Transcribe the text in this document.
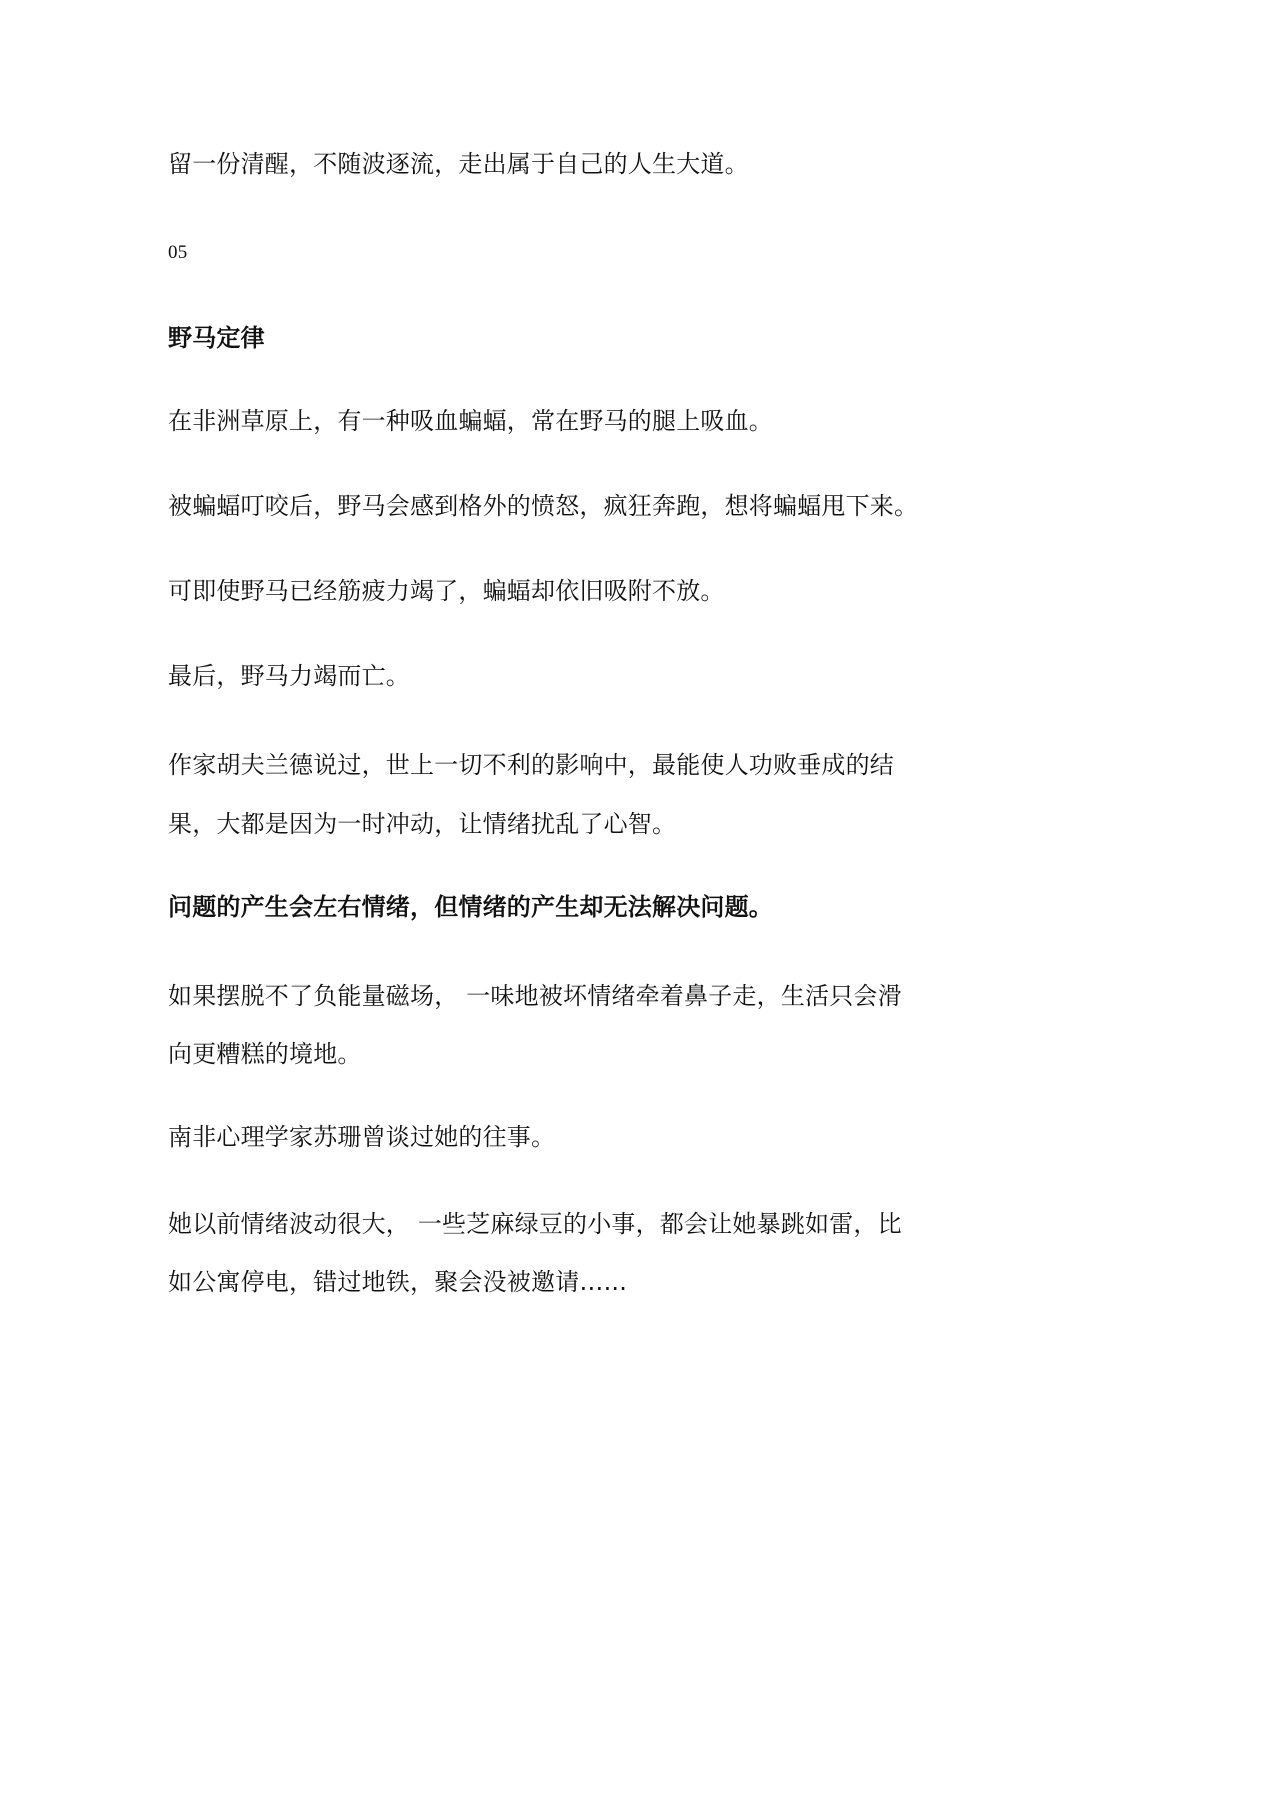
留一份清醒，不随波逐流，走出属于自己的人生大道。

05

野马定律

在非洲草原上，有一种吸血蝙蝠，常在野马的腿上吸血。

被蝙蝠叮咬后，野马会感到格外的愤怒，疯狂奔跑，想将蝙蝠甩下来。

可即使野马已经筋疲力竭了，蝙蝠却依旧吸附不放。

最后，野马力竭而亡。

作家胡夫兰德说过，世上一切不利的影响中，最能使人功败垂成的结

果，大都是因为一时冲动，让情绪扰乱了心智。

问题的产生会左右情绪，但情绪的产生却无法解决问题。

如果摆脱不了负能量磁场， 一味地被坏情绪牵着鼻子走，生活只会滑

向更糟糕的境地。

南非心理学家苏珊曾谈过她的往事。

她以前情绪波动很大， 一些芝麻绿豆的小事，都会让她暴跳如雷，比

如公寓停电，错过地铁，聚会没被邀请…...
